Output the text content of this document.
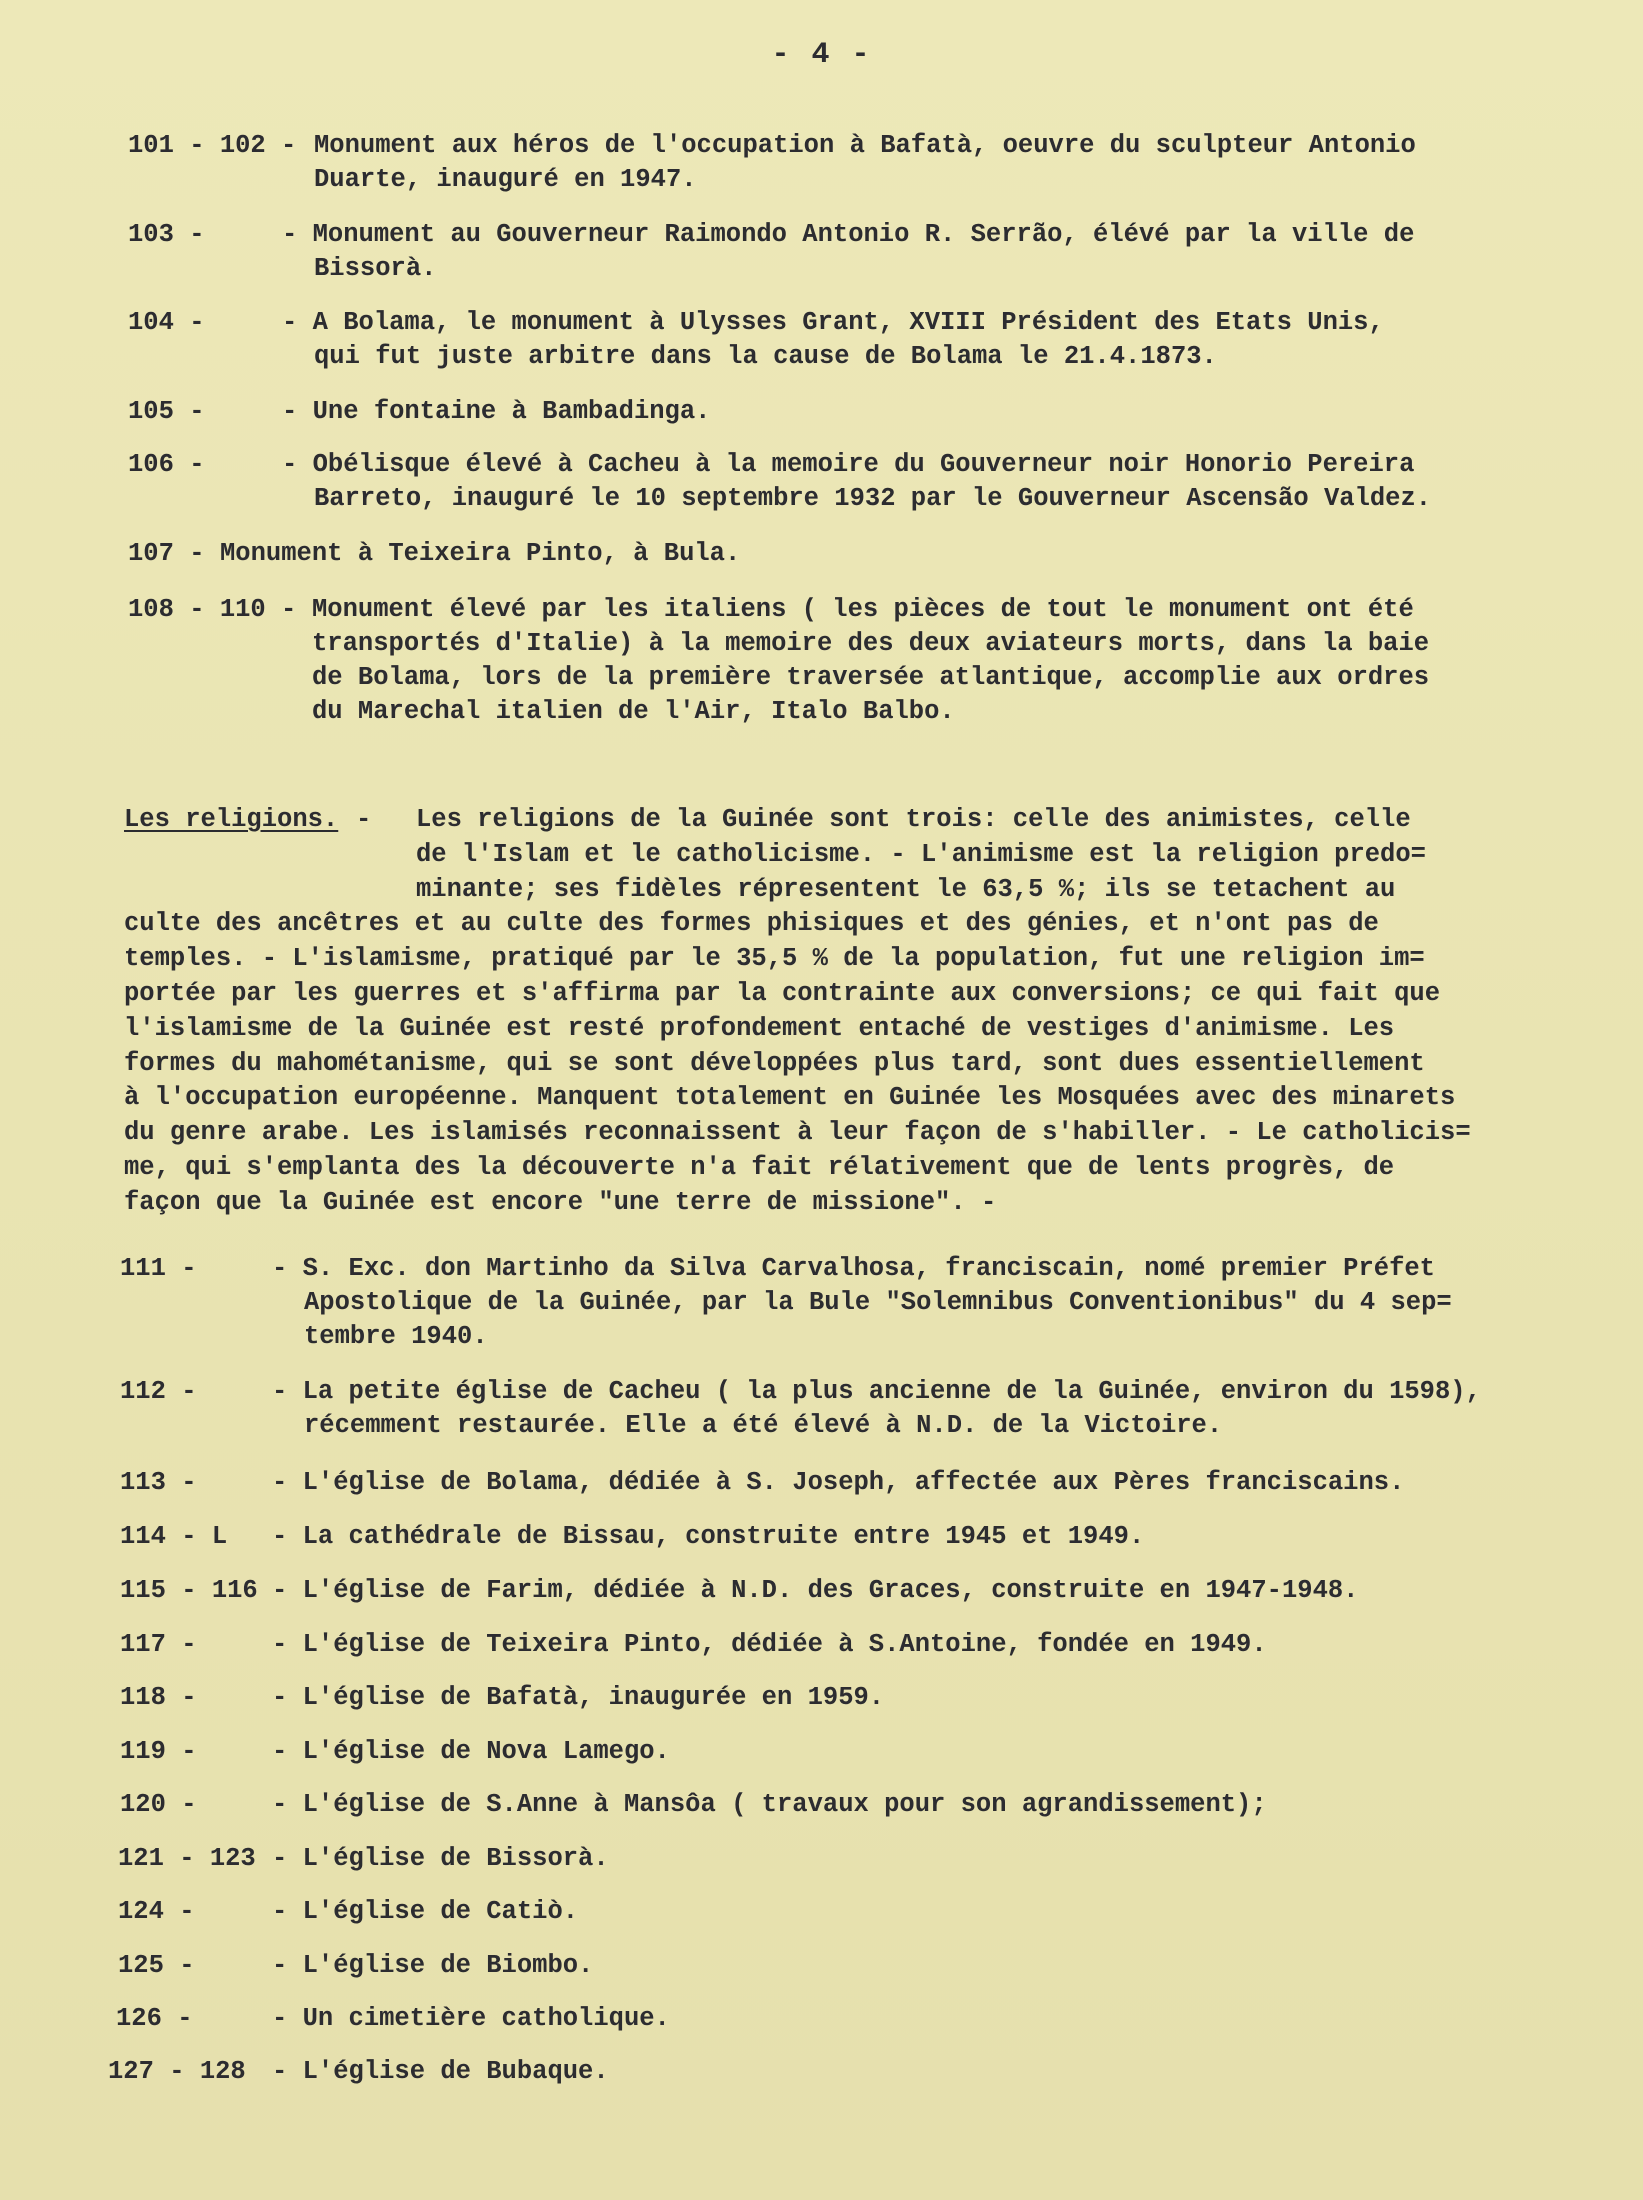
- 4 -
101 - 102 - Monument aux héros de l'occupation à Bafatà, oeuvre du sculpteur Antonio
Duarte, inauguré en 1947.
103 -	- Monument au Gouverneur Raimondo Antonio R. Serrão, élévé par la ville de
Bissorà.
104 -	- A Bolama, le monument à Ulysses Grant, XVIII Président des Etats Unis,
qui fut juste arbitre dans la cause de Bolama le 21.4.1873.
105 -	- Une fontaine à Bambadinga.
106 -	- Obélisque élevé à Cacheu à la memoire du Gouverneur noir Honorio Pereira
Barreto, inauguré le 10 septembre 1932 par le Gouverneur Ascensão Valdez.
107 - Monument à Teixeira Pinto, à Bula.
108 - 110 - Monument élevé par les italiens ( les pièces de tout le monument ont été
transportés d'Italie) à la memoire des deux aviateurs morts, dans la baie
de Bolama, lors de la première traversée atlantique, accomplie aux ordres
du Marechal italien de l'Air, Italo Balbo.
Les religions. - Les religions de la Guinée sont trois: celle des animistes, celle
de l'Islam et le catholicisme. - L'animisme est la religion predo=
minante; ses fidèles répresentent le 63,5 %; ils se tetachent au
culte des ancêtres et au culte des formes phisiques et des génies, et n'ont pas de
temples. - L'islamisme, pratiqué par le 35,5 % de la population, fut une religion im=
portée par les guerres et s'affirma par la contrainte aux conversions; ce qui fait que
l'islamisme de la Guinée est resté profondement entaché de vestiges d'animisme. Les
formes du mahométanisme, qui se sont développées plus tard, sont dues essentiellement
à l'occupation européenne. Manquent totalement en Guinée les Mosquées avec des minarets
du genre arabe. Les islamisés reconnaissent à leur façon de s'habiller. - Le catholicis=
me, qui s'emplanta des la découverte n'a fait rélativement que de lents progrès, de
façon que la Guinée est encore "une terre de missione". -
111 -	- S. Exc. don Martinho da Silva Carvalhosa, franciscain, nomé premier Préfet
Apostolique de la Guinée, par la Bule "Solemnibus Conventionibus" du 4 sep=
tembre 1940.
112 -	- La petite église de Cacheu ( la plus ancienne de la Guinée, environ du 1598),
récemment restaurée. Elle a été élevé à N.D. de la Victoire.
113 -	- L'église de Bolama, dédiée à S. Joseph, affectée aux Pères franciscains.
114 - L - La cathédrale de Bissau, construite entre 1945 et 1949.
115 - 116 - L'église de Farim, dédiée à N.D. des Graces, construite en 1947-1948.
117 -	- L'église de Teixeira Pinto, dédiée à S.Antoine, fondée en 1949.
118 -	- L'église de Bafatà, inaugurée en 1959.
119 -	- L'église de Nova Lamego.
120 -	- L'église de S.Anne à Mansôa ( travaux pour son agrandissement);
121 - 123 - L'église de Bissorà.
124 -	- L'église de Catiò.
125 -	- L'église de Biombo.
126 -	- Un cimetière catholique.
127 - 128 - L'église de Bubaque.
